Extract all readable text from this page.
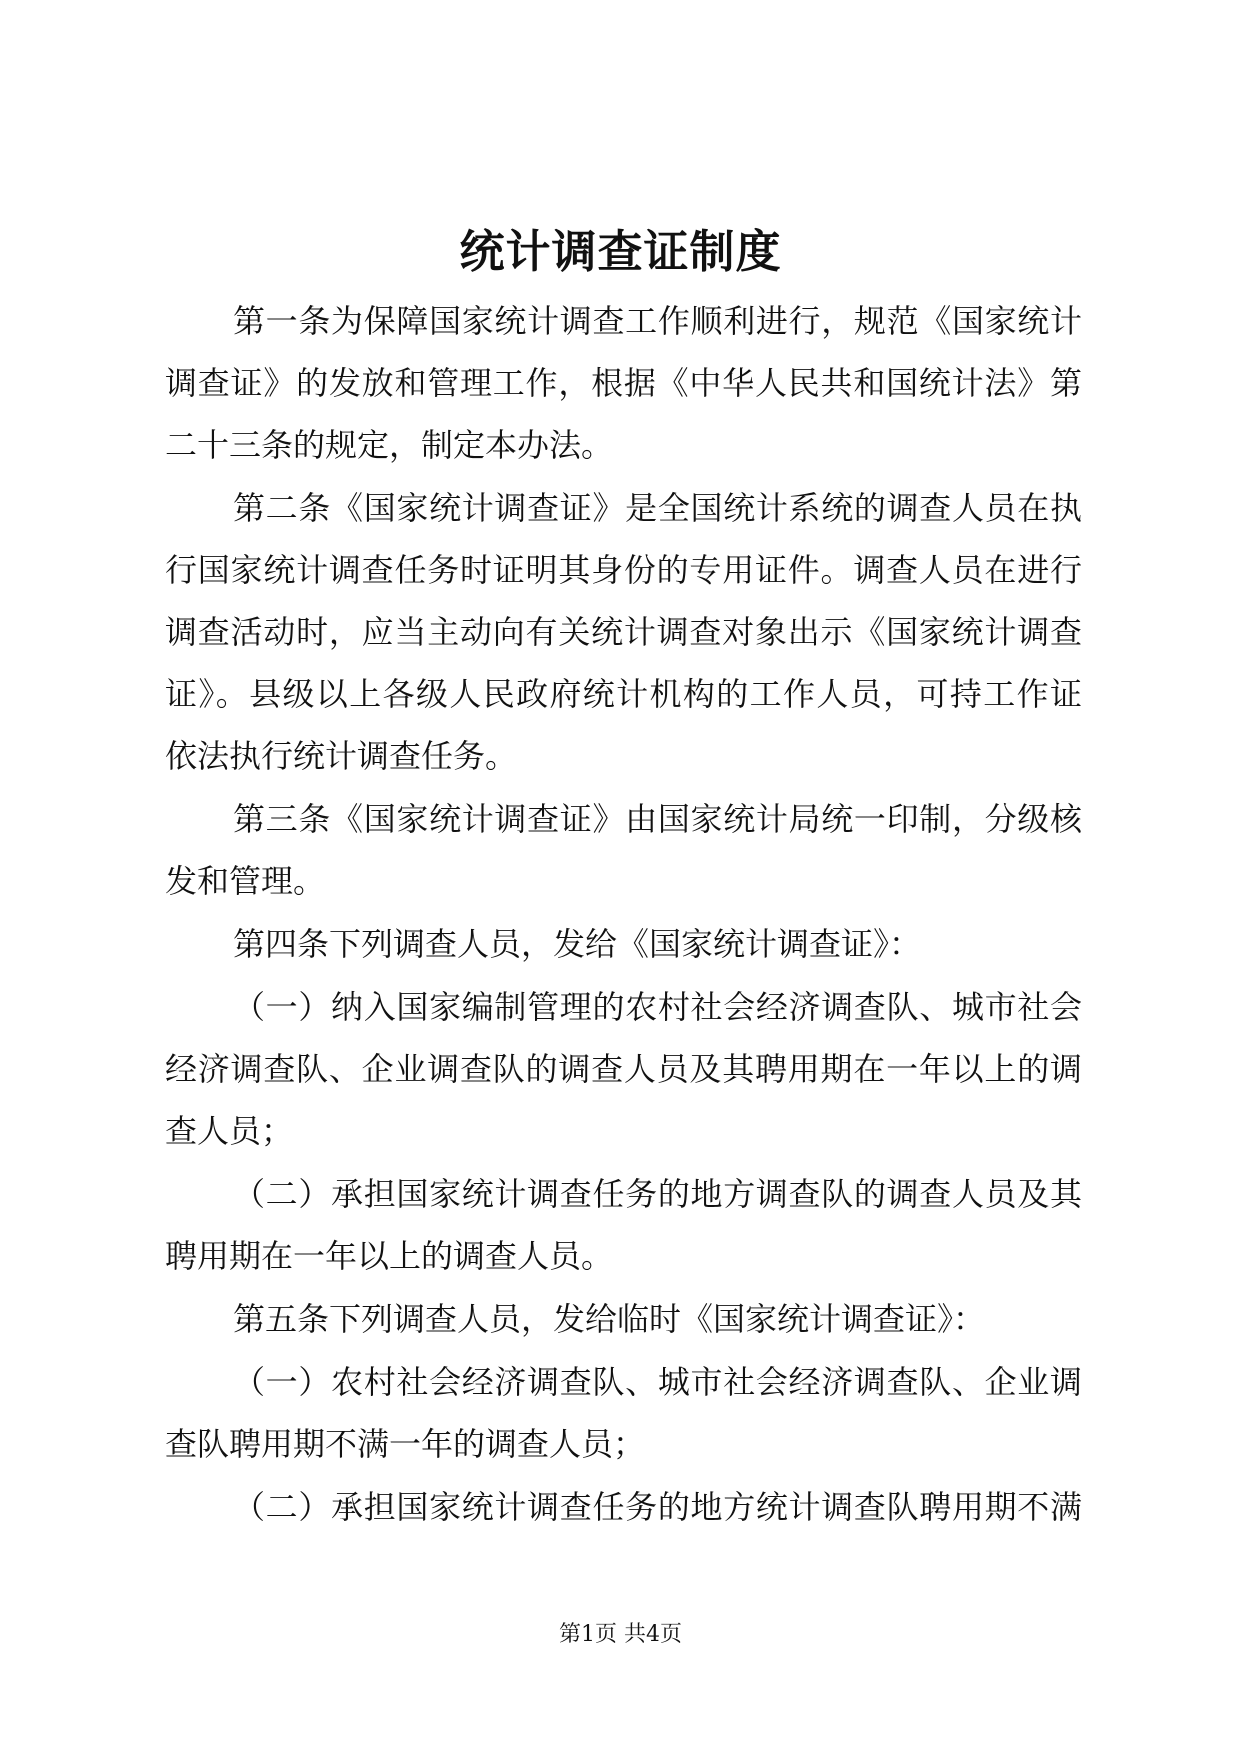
统计调查证制度
第一条为保障国家统计调查工作顺利进行，规范《国家统计
调查证》的发放和管理工作，根据《中华人民共和国统计法》第
二十三条的规定，制定本办法。
第二条《国家统计调查证》是全国统计系统的调查人员在执
行国家统计调查任务时证明其身份的专用证件。调查人员在进行
调查活动时，应当主动向有关统计调查对象出示《国家统计调查
证》。县级以上各级人民政府统计机构的工作人员，可持工作证
依法执行统计调查任务。
第三条《国家统计调查证》由国家统计局统一印制，分级核
发和管理。
第四条下列调查人员，发给《国家统计调查证》：
（一）纳入国家编制管理的农村社会经济调查队、城市社会
经济调查队、企业调查队的调查人员及其聘用期在一年以上的调
查人员；
（二）承担国家统计调查任务的地方调查队的调查人员及其
聘用期在一年以上的调查人员。
第五条下列调查人员，发给临时《国家统计调查证》：
（一）农村社会经济调查队、城市社会经济调查队、企业调
查队聘用期不满一年的调查人员；
（二）承担国家统计调查任务的地方统计调查队聘用期不满
第1页 共4页
